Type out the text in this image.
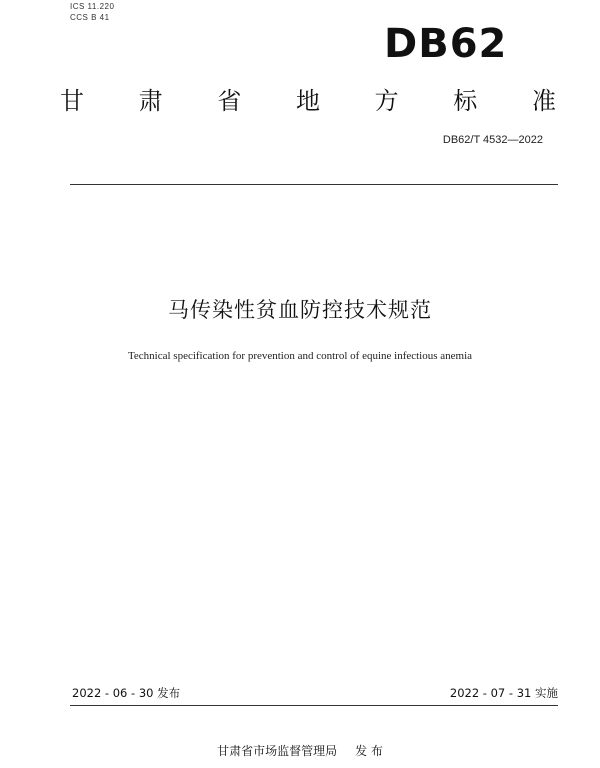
ICS 11.220
CCS B 41
DB62
甘 肃 省 地 方 标 准
DB62/T 4532—2022
马传染性贫血防控技术规范
Technical specification for prevention and control of equine infectious anemia
2022 - 06 - 30 发布	2022 - 07 - 31 实施
甘肃省市场监督管理局 发 布
